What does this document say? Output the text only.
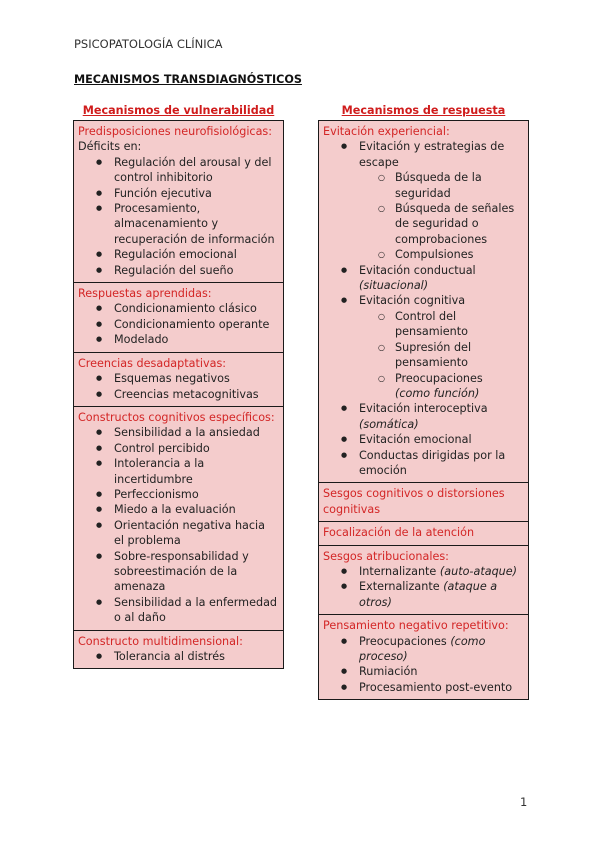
PSICOPATOLOGÍA CLÍNICA
MECANISMOS TRANSDIAGNÓSTICOS
Mecanismos de vulnerabilidad	Mecanismos de respuesta
Predisposiciones neurofisiológicas:
Déficits en:
● Regulación del arousal y del control inhibitorio
● Función ejecutiva
● Procesamiento, almacenamiento y recuperación de información
● Regulación emocional
● Regulación del sueño
Respuestas aprendidas:
● Condicionamiento clásico
● Condicionamiento operante
● Modelado
Creencias desadaptativas:
● Esquemas negativos
● Creencias metacognitivas
Constructos cognitivos específicos:
● Sensibilidad a la ansiedad
● Control percibido
● Intolerancia a la incertidumbre
● Perfeccionismo
● Miedo a la evaluación
● Orientación negativa hacia el problema
● Sobre-responsabilidad y sobreestimación de la amenaza
● Sensibilidad a la enfermedad o al daño
Constructo multidimensional:
● Tolerancia al distrés
Evitación experiencial:
● Evitación y estrategias de escape
○ Búsqueda de la seguridad
○ Búsqueda de señales de seguridad o comprobaciones
○ Compulsiones
● Evitación conductual
(situacional)
● Evitación cognitiva
○ Control del pensamiento
○ Supresión del pensamiento
○ Preocupaciones
(como función)
● Evitación interoceptiva
(somática)
● Evitación emocional
● Conductas dirigidas por la emoción
Sesgos cognitivos o distorsiones cognitivas
Focalización de la atención
Sesgos atribucionales:
● Internalizante (auto-ataque)
● Externalizante (ataque a otros)
Pensamiento negativo repetitivo:
● Preocupaciones (como proceso)
● Rumiación
● Procesamiento post-evento
1
